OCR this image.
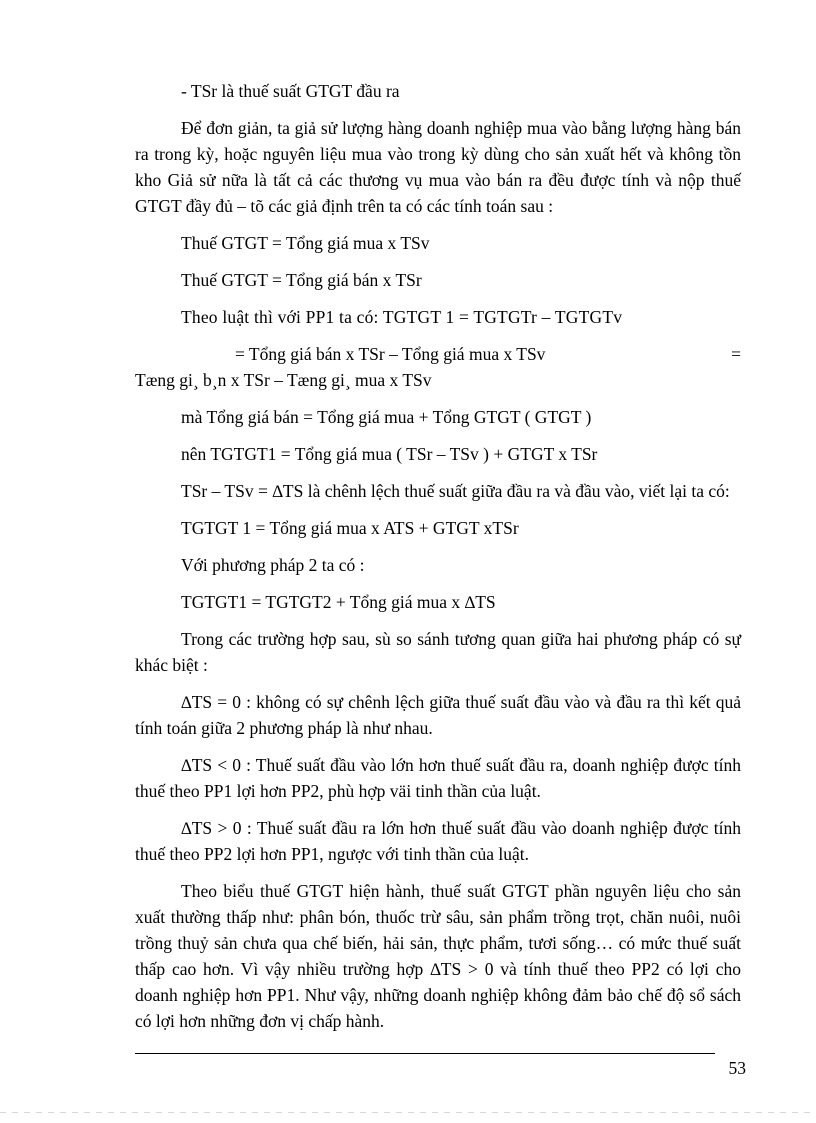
- TSr là thuế suất GTGT đầu ra

Để đơn giản, ta giả sử lượng hàng doanh nghiệp mua vào bằng lượng hàng bán ra trong kỳ, hoặc nguyên liệu mua vào trong kỳ dùng cho sản xuất hết và không tồn kho Giả sử nữa là tất cả các thương vụ mua vào bán ra đều được tính và nộp thuế GTGT đầy đủ – tõ các giả định trên ta có các tính toán sau :

Thuế GTGT = Tổng giá mua x TSv

Thuế GTGT = Tổng giá bán x TSr

Theo luật thì với PP1 ta có: TGTGT 1 = TGTGTr – TGTGTv

= Tổng giá bán x TSr – Tổng giá mua x TSv	=

Tæng gi¸ b¸n x TSr – Tæng gi¸ mua x TSv

mà Tổng giá bán = Tổng giá mua + Tổng GTGT ( GTGT )

nên TGTGT1 = Tổng giá mua ( TSr – TSv ) + GTGT x TSr

TSr – TSv = ∆TS là chênh lệch thuế suất giữa đầu ra và đầu vào, viết lại ta có:

TGTGT 1 = Tổng giá mua x ATS + GTGT xTSr

Với phương pháp 2 ta có :

TGTGT1 = TGTGT2 + Tổng giá mua x ∆TS

Trong các trường hợp sau, sù so sánh tương quan giữa hai phương pháp có sự khác biệt :

∆TS = 0 : không có sự chênh lệch giữa thuế suất đầu vào và đầu ra thì kết quả tính toán giữa 2 phương pháp là như nhau.

∆TS < 0 : Thuế suất đầu vào lớn hơn thuế suất đầu ra, doanh nghiệp được tính thuế theo PP1 lợi hơn PP2, phù hợp väi tinh thần của luật.

∆TS > 0 : Thuế suất đầu ra lớn hơn thuế suất đầu vào doanh nghiệp được tính thuế theo PP2 lợi hơn PP1, ngược với tinh thần của luật.

Theo biểu thuế GTGT hiện hành, thuế suất GTGT phần nguyên liệu cho sản xuất thường thấp như: phân bón, thuốc trừ sâu, sản phẩm trồng trọt, chăn nuôi, nuôi trồng thuỷ sản chưa qua chế biến, hải sản, thực phẩm, tươi sống… có mức thuế suất thấp cao hơn. Vì vậy nhiều trường hợp ∆TS > 0 và tính thuế theo PP2 có lợi cho doanh nghiệp hơn PP1. Như vậy, những doanh nghiệp không đảm bảo chế độ sổ sách có lợi hơn những đơn vị chấp hành.

53
